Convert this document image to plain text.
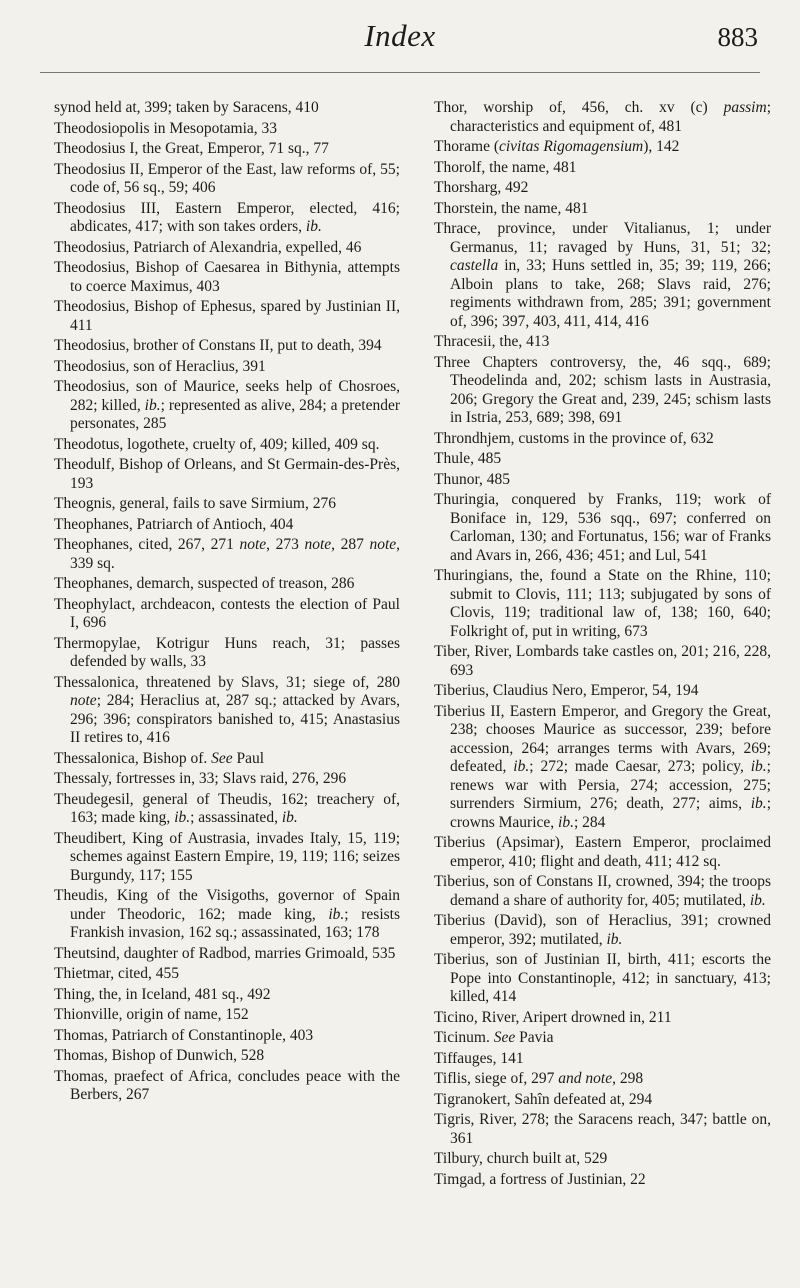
Index	883

synod held at, 399; taken by Saracens, 410

Theodosiopolis in Mesopotamia, 33

Theodosius I, the Great, Emperor, 71 sq., 77

Theodosius II, Emperor of the East, law reforms of, 55; code of, 56 sq., 59; 406

Theodosius III, Eastern Emperor, elected, 416; abdicates, 417; with son takes orders, ib.

Theodosius, Patriarch of Alexandria, expelled, 46

Theodosius, Bishop of Caesarea in Bithynia, attempts to coerce Maximus, 403

Theodosius, Bishop of Ephesus, spared by Justinian II, 411

Theodosius, brother of Constans II, put to death, 394

Theodosius, son of Heraclius, 391

Theodosius, son of Maurice, seeks help of Chosroes, 282; killed, ib.; represented as alive, 284; a pretender personates, 285

Theodotus, logothete, cruelty of, 409; killed, 409 sq.

Theodulf, Bishop of Orleans, and St Germain-des-Près, 193

Theognis, general, fails to save Sirmium, 276

Theophanes, Patriarch of Antioch, 404

Theophanes, cited, 267, 271 note, 273 note, 287 note, 339 sq.

Theophanes, demarch, suspected of treason, 286

Theophylact, archdeacon, contests the election of Paul I, 696

Thermopylae, Kotrigur Huns reach, 31; passes defended by walls, 33

Thessalonica, threatened by Slavs, 31; siege of, 280 note; 284; Heraclius at, 287 sq.; attacked by Avars, 296; 396; conspirators banished to, 415; Anastasius II retires to, 416

Thessalonica, Bishop of. See Paul

Thessaly, fortresses in, 33; Slavs raid, 276, 296

Theudegesil, general of Theudis, 162; treachery of, 163; made king, ib.; assassinated, ib.

Theudibert, King of Austrasia, invades Italy, 15, 119; schemes against Eastern Empire, 19, 119; 116; seizes Burgundy, 117; 155

Theudis, King of the Visigoths, governor of Spain under Theodoric, 162; made king, ib.; resists Frankish invasion, 162 sq.; assassinated, 163; 178

Theutsind, daughter of Radbod, marries Grimoald, 535

Thietmar, cited, 455

Thing, the, in Iceland, 481 sq., 492

Thionville, origin of name, 152

Thomas, Patriarch of Constantinople, 403

Thomas, Bishop of Dunwich, 528

Thomas, praefect of Africa, concludes peace with the Berbers, 267

Thor, worship of, 456, ch. xv (c) passim; characteristics and equipment of, 481

Thorame (civitas Rigomagensium), 142

Thorolf, the name, 481

Thorsharg, 492

Thorstein, the name, 481

Thrace, province, under Vitalianus, 1; under Germanus, 11; ravaged by Huns, 31, 51; 32; castella in, 33; Huns settled in, 35; 39; 119, 266; Alboin plans to take, 268; Slavs raid, 276; regiments withdrawn from, 285; 391; government of, 396; 397, 403, 411, 414, 416

Thracesii, the, 413

Three Chapters controversy, the, 46 sqq., 689; Theodelinda and, 202; schism lasts in Austrasia, 206; Gregory the Great and, 239, 245; schism lasts in Istria, 253, 689; 398, 691

Throndhjem, customs in the province of, 632

Thule, 485

Thunor, 485

Thuringia, conquered by Franks, 119; work of Boniface in, 129, 536 sqq., 697; conferred on Carloman, 130; and Fortunatus, 156; war of Franks and Avars in, 266, 436; 451; and Lul, 541

Thuringians, the, found a State on the Rhine, 110; submit to Clovis, 111; 113; subjugated by sons of Clovis, 119; traditional law of, 138; 160, 640; Folkright of, put in writing, 673

Tiber, River, Lombards take castles on, 201; 216, 228, 693

Tiberius, Claudius Nero, Emperor, 54, 194

Tiberius II, Eastern Emperor, and Gregory the Great, 238; chooses Maurice as successor, 239; before accession, 264; arranges terms with Avars, 269; defeated, ib.; 272; made Caesar, 273; policy, ib.; renews war with Persia, 274; accession, 275; surrenders Sirmium, 276; death, 277; aims, ib.; crowns Maurice, ib.; 284

Tiberius (Apsimar), Eastern Emperor, proclaimed emperor, 410; flight and death, 411; 412 sq.

Tiberius, son of Constans II, crowned, 394; the troops demand a share of authority for, 405; mutilated, ib.

Tiberius (David), son of Heraclius, 391; crowned emperor, 392; mutilated, ib.

Tiberius, son of Justinian II, birth, 411; escorts the Pope into Constantinople, 412; in sanctuary, 413; killed, 414

Ticino, River, Aripert drowned in, 211

Ticinum. See Pavia

Tiffauges, 141

Tiflis, siege of, 297 and note, 298

Tigranokert, Sahîn defeated at, 294

Tigris, River, 278; the Saracens reach, 347; battle on, 361

Tilbury, church built at, 529

Timgad, a fortress of Justinian, 22
